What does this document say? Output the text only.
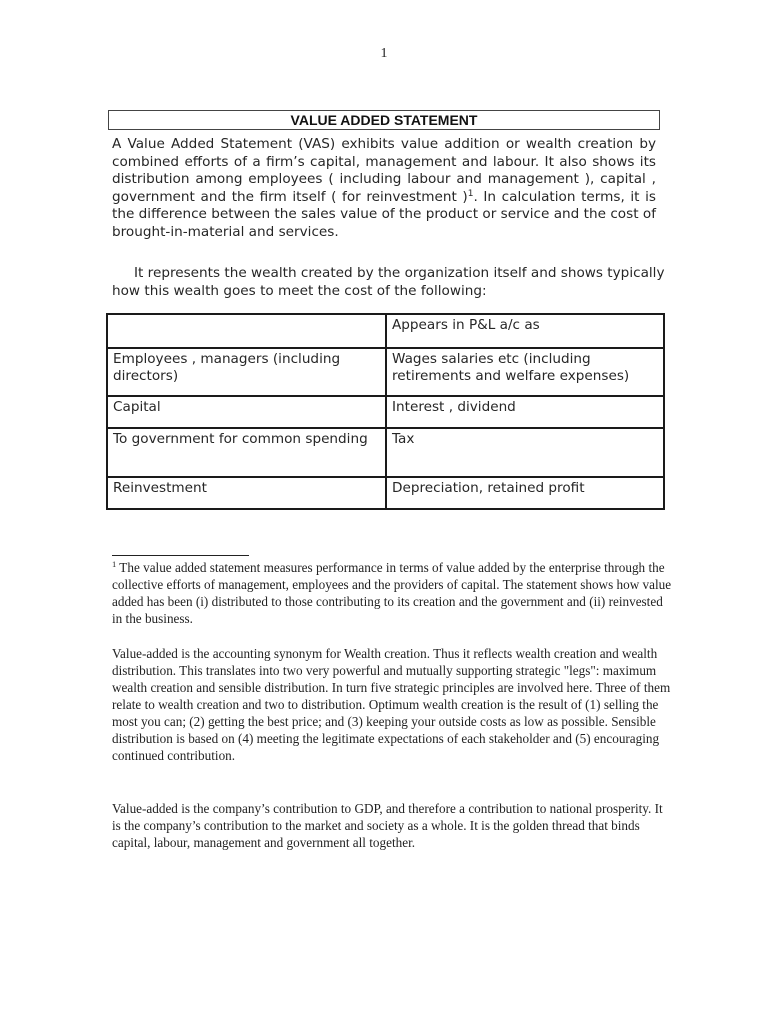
1
VALUE ADDED STATEMENT

A Value Added Statement (VAS) exhibits value addition or wealth creation by combined efforts of a firm’s capital, management and labour. It also shows its distribution among employees ( including labour and management ), capital , government and the firm itself ( for reinvestment )$^1$. In calculation terms, it is the difference between the sales value of the product or service and the cost of brought-in-material and services.

It represents the wealth created by the organization itself and shows typically how this wealth goes to meet the cost of the following:

	Appears in P&L a/c as
Employees , managers (including directors)	Wages salaries etc (including retirements and welfare expenses)
Capital	Interest , dividend
To government for common spending	Tax
Reinvestment	Depreciation, retained profit

$^1$ The value added statement measures performance in terms of value added by the enterprise through the collective efforts of management, employees and the providers of capital. The statement shows how value added has been (i) distributed to those contributing to its creation and the government and (ii) reinvested in the business.

Value-added is the accounting synonym for Wealth creation. Thus it reflects wealth creation and wealth distribution. This translates into two very powerful and mutually supporting strategic "legs": maximum wealth creation and sensible distribution. In turn five strategic principles are involved here. Three of them relate to wealth creation and two to distribution. Optimum wealth creation is the result of (1) selling the most you can; (2) getting the best price; and (3) keeping your outside costs as low as possible. Sensible distribution is based on (4) meeting the legitimate expectations of each stakeholder and (5) encouraging continued contribution.

Value-added is the company’s contribution to GDP, and therefore a contribution to national prosperity. It is the company’s contribution to the market and society as a whole. It is the golden thread that binds capital, labour, management and government all together.
